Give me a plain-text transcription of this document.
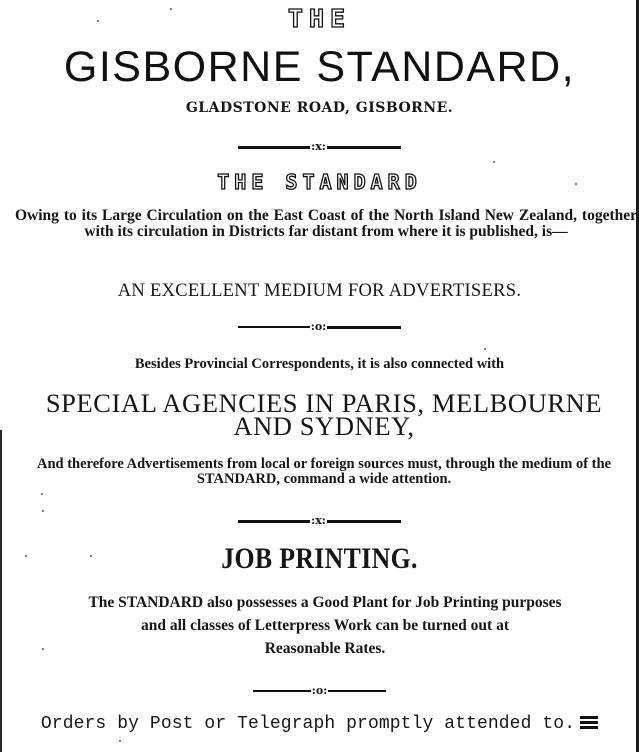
THE

GISBORNE STANDARD,

GLADSTONE ROAD, GISBORNE.

:x:

THE STANDARD

Owing to its Large Circulation on the East Coast of the North Island New Zealand, together with its circulation in Districts far distant from where it is published, is—

AN EXCELLENT MEDIUM FOR ADVERTISERS.

:o:

Besides Provincial Correspondents, it is also connected with

SPECIAL AGENCIES IN PARIS, MELBOURNE
AND SYDNEY,

And therefore Advertisements from local or foreign sources must, through the medium of the STANDARD, command a wide attention.

:x:

JOB PRINTING.

The STANDARD also possesses a Good Plant for Job Printing purposes
and all classes of Letterpress Work can be turned out at
Reasonable Rates.
:o:

Orders by Post or Telegraph promptly attended to.
